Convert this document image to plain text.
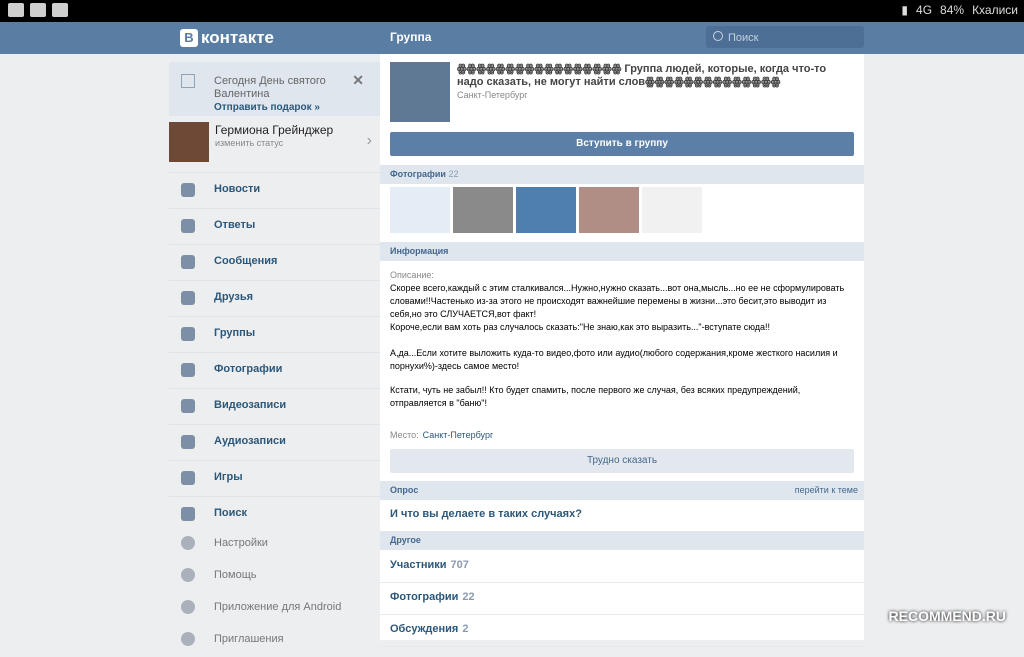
▮ 4G 84% Кхалиси
В контакте	Группа
Поиск
Сегодня День святого Валентина
Отправить подарок »
✕
Гермиона Грейнджер
изменить статус	›
Новости
Ответы
Сообщения
Друзья
Группы
Фотографии
Видеозаписи
Аудиозаписи
Игры
Поиск
Настройки
Помощь
Приложение для Android
Приглашения
ꙮꙮꙮꙮꙮꙮꙮꙮꙮꙮꙮꙮꙮꙮꙮꙮꙮ Группа людей, которые, когда что-то надо сказать, не могут найти словꙮꙮꙮꙮꙮꙮꙮꙮꙮꙮꙮꙮꙮꙮ
Санкт-Петербург
Вступить в группу
Фотографии 22
Информация

Описание:

Скорее всего,каждый с этим сталкивался...Нужно,нужно сказать...вот она,мысль...но ее не сформулировать словами!!Частенько из-за этого не происходят важнейшие перемены в жизни...это бесит,это выводит из себя,но это СЛУЧАЕТСЯ,вот факт!

Короче,если вам хоть раз случалось сказать:"Не знаю,как это выразить..."-вступате сюда!!

А,да...Если хотите выложить куда-то видео,фото или аудио(любого содержания,кроме жесткого насилия и порнухи%)-здесь самое место!

Кстати, чуть не забыл!! Кто будет спамить, после первого же случая, без всяких предупреждений, отправляется в "баню"!

Место: Санкт-Петербург
Трудно сказать
Опрос	перейти к теме
И что вы делаете в таких случаях?
Другое
Участники 707
Фотографии 22
Обсуждения 2
RECOMMEND.RU
